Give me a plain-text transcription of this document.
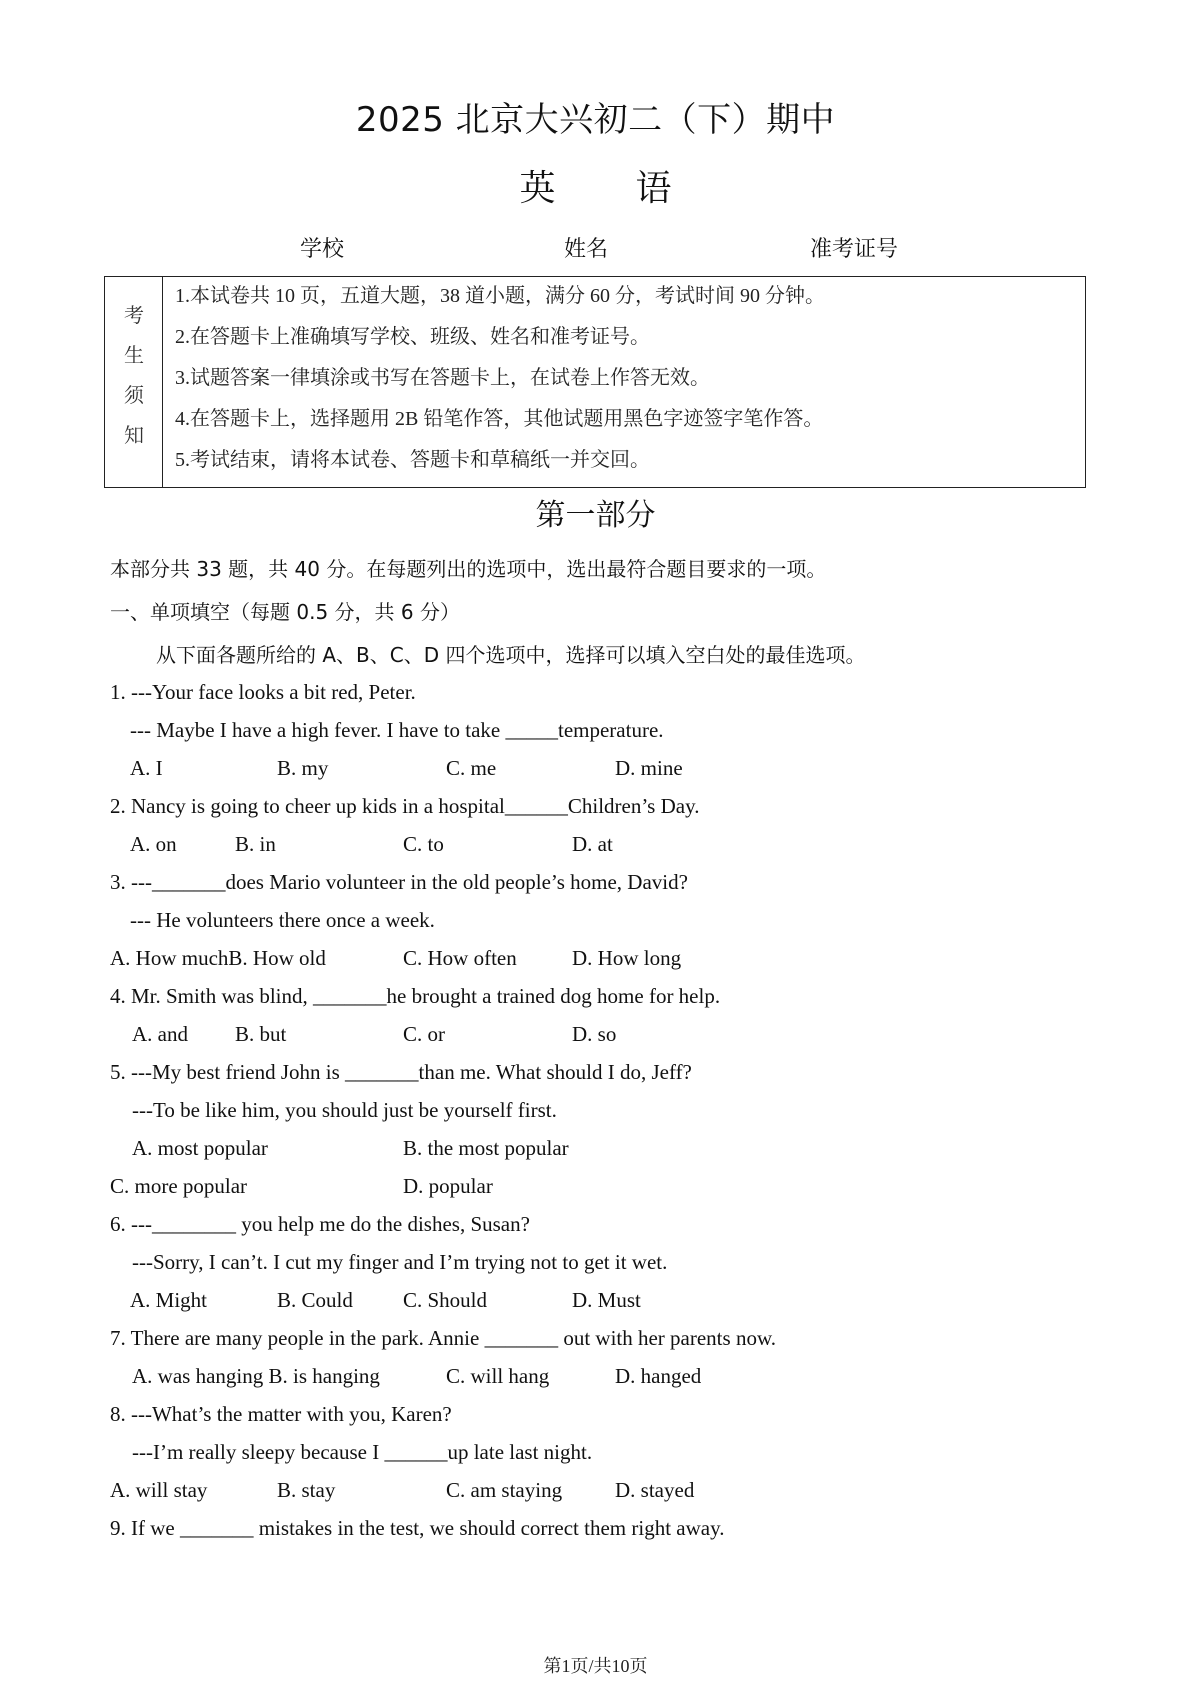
2025 北京大兴初二（下）期中
英 语
学校	姓名	准考证号
考
生
须
知
1.本试卷共 10 页，五道大题，38 道小题，满分 60 分，考试时间 90 分钟。
2.在答题卡上准确填写学校、班级、姓名和准考证号。
3.试题答案一律填涂或书写在答题卡上，在试卷上作答无效。
4.在答题卡上，选择题用 2B 铅笔作答，其他试题用黑色字迹签字笔作答。
5.考试结束，请将本试卷、答题卡和草稿纸一并交回。
第一部分
本部分共 33 题，共 40 分。在每题列出的选项中，选出最符合题目要求的一项。
一、单项填空（每题 0.5 分，共 6 分）
从下面各题所给的 A、B、C、D 四个选项中，选择可以填入空白处的最佳选项。
1. ---Your face looks a bit red, Peter.
--- Maybe I have a high fever. I have to take _____temperature.
A. I	B. my	C. me	D. mine
2. Nancy is going to cheer up kids in a hospital______Children’s Day.
A. on	B. in	C. to	D. at
3. ---_______does Mario volunteer in the old people’s home, David?
--- He volunteers there once a week.
A. How muchB. How old	C. How often	D. How long
4. Mr. Smith was blind, _______he brought a trained dog home for help.
A. and B. but	C. or	D. so
5. ---My best friend John is _______than me. What should I do, Jeff?
---To be like him, you should just be yourself first.
A. most popular	B. the most popular
C. more popular	D. popular
6. ---________ you help me do the dishes, Susan?
---Sorry, I can’t. I cut my finger and I’m trying not to get it wet.
A. Might	B. Could C. Should	D. Must
7. There are many people in the park. Annie _______ out with her parents now.
A. was hanging B. is hanging	C. will hang	D. hanged
8. ---What’s the matter with you, Karen?
---I’m really sleepy because I ______up late last night.
A. will stay	B. stay	C. am staying	D. stayed
9. If we _______ mistakes in the test, we should correct them right away.
第1页/共10页
